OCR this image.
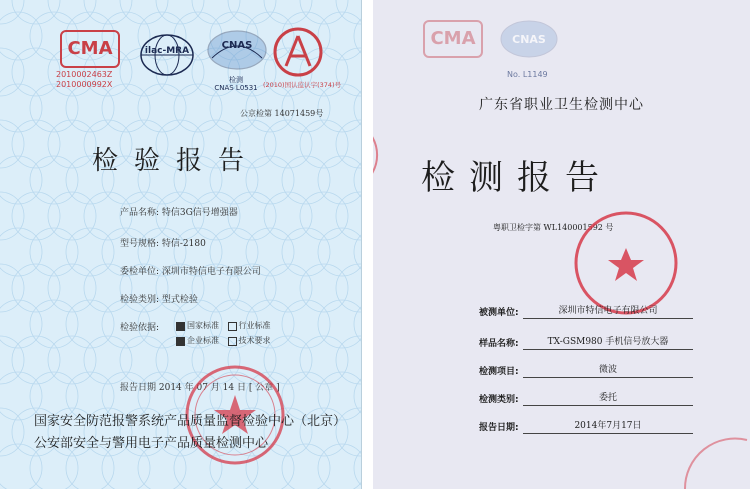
CMA
2010002463Z
2010000992X
ilac-MRA	CNAS
检测
CNAS L0531 (2010)国认监认字(374)号
公京检第 14071459号
检验报告
产品名称: 特信3G信号增强器
型号规格: 特信-2180
委检单位: 深圳市特信电子有限公司
检验类别: 型式检验
检验依据:	国家标准 行业标准
企业标准 技术要求
报告日期 2014 年 07 月 14 日 [ 公章 ]
国家安全防范报警系统产品质量监督检验中心（北京）
公安部安全与警用电子产品质量检测中心
CMA	CNAS
No. L1149
广东省职业卫生检测中心
检测报告
粤职卫检字第 WL140001592 号
被测单位:	深圳市特信电子有限公司
样品名称:	TX-GSM980 手机信号放大器
检测项目:	微波
检测类别:	委托
报告日期:	2014年7月17日
